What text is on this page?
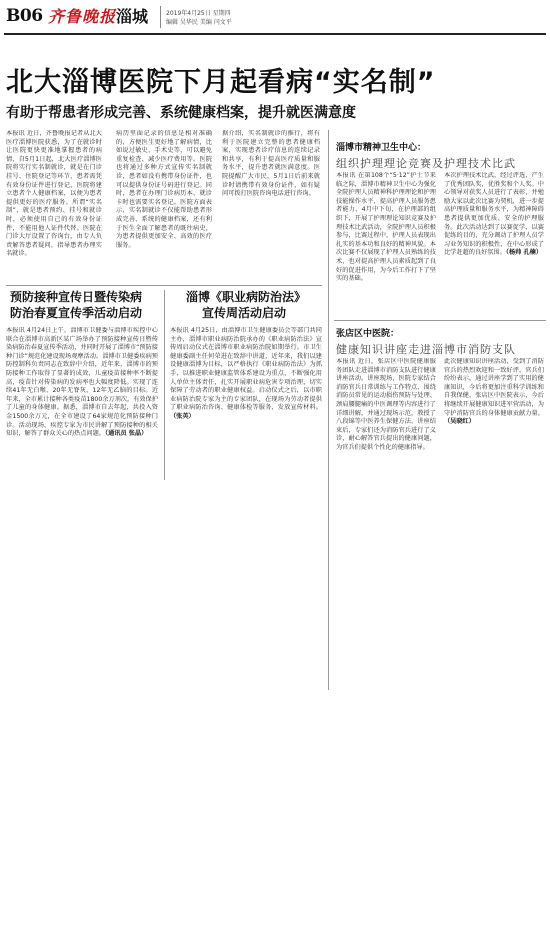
B06 齐鲁晚报 淄城	2019年4月25日 星期四
编辑 吴华民 美编 闫文平
北大淄博医院下月起看病“实名制”
有助于帮患者形成完善、系统健康档案，提升就医满意度
本报讯 近日，齐鲁晚报记者从北大医疗淄博医院获悉，为了在就诊时让医院更快更准地掌握患者的病情，自5月1日起，北大医疗淄博医院将实行实名制就诊，就是在门诊挂号、住院登记等环节，患者需凭有效身份证件进行登记，医院将建立患者个人健康档案，以便为患者提供更好的医疗服务。所谓“实名制”，就是患者预约、挂号和就诊时，必须使用自己的有效身份证件，不能用他人证件代替。医院在门诊大厅设置了咨询台，由专人负责解答患者疑问，指导患者办理实名就诊。
病历里面记录的信息是相对准确的，方便医生更好地了解病情，比如说过敏史、手术史等，可以避免重复检查、减少医疗费用等。医院也将通过多种方式宣传实名制就诊，患者如没有携带身份证件，也可以提供身份证号码进行登记。同时，患者在办理门诊病历本、就诊卡时也需要实名登记。医院方面表示，实名制就诊不仅能帮助患者形成完善、系统的健康档案，还有利于医生全面了解患者的既往病史，为患者提供更加安全、高效的医疗服务。
据介绍，实名制就诊的推行，将有利于医院建立完整的患者健康档案，实现患者诊疗信息的连续记录和共享，有利于提高医疗质量和服务水平，提升患者就医满意度。医院提醒广大市民，5月1日后前来就诊时请携带有效身份证件，如有疑问可拨打医院咨询电话进行咨询。
预防接种宣传日暨传染病
防治春夏宣传季活动启动
本报讯 4月24日上午，淄博市卫健委与淄博市疾控中心联合在淄博市高新区某广场举办了预防接种宣传日暨传染病防治春夏宣传季活动，并同时开展了淄博市“预防接种门诊”规范化建设现场观摩活动。淄博市卫健委疾病预防控制科负责同志在致辞中介绍，近年来，淄博市的预防接种工作取得了显著的成效，儿童疫苗接种率不断提高，疫苗针对传染病的发病率也大幅度降低。实现了连续41年无白喉、20年无脊灰，12年无乙脑的目标。近年来，全市累计接种各类疫苗1800余万剂次，有效保护了儿童的身体健康。据悉，淄博市自去年起，共投入资金1500余万元，在全市建设了64家规范化预防接种门诊。活动现场，疾控专家为市民讲解了预防接种的相关知识，解答了群众关心的热点问题。（通讯员 张晶）
淄博《职业病防治法》
宣传周活动启动
本报讯 4月25日，由淄博市卫生健康委员会等部门共同主办，淄博市职业病防治院承办的《职业病防治法》宣传周启动仪式在淄博市职业病防治院如期举行。市卫生健康委副主任何荣进在致辞中讲道，近年来，我们以建设健康淄博为目标，以严格执行《职业病防治法》为抓手，以推进职业健康监管体系建设为重点，不断强化用人单位主体责任，扎实开展职业病危害专项治理，切实保障了劳动者的职业健康权益。启动仪式之后，以市职业病防治院专家为主的专家团队，在现场为劳动者提供了职业病防治咨询、健康体检等服务，发放宣传材料。（张英）
淄博市精神卫生中心：
组织护理理论竞赛及护理技术比武
本报讯 在第108个“5·12”护士节来临之际，淄博市精神卫生中心为强化全院护理人员精神科护理理论和护理技能操作水平，提高护理人员服务患者能力，4月中下旬，在护理部的组织下，开展了护理理论知识竞赛及护理技术比武活动，全院护理人员积极参与，比赛过程中，护理人员表现出扎实的基本功和良好的精神风貌。本次比赛不仅展现了护理人员熟练的技术，也对提高护理人员素质起到了良好的促进作用，为今后工作打下了坚实的基础。
本次护理技术比武，经过评选，产生了优秀团队奖，优胜奖和个人奖。中心领导对获奖人员进行了表彰，并勉励大家以此次比赛为契机，进一步提高护理质量和服务水平，为精神障碍患者提供更加优质、安全的护理服务。此次活动达到了以赛促学、以赛促练的目的，充分调动了护理人员学习业务知识的积极性，在中心形成了比学赶超的良好氛围。（杨帅 孔楠）
张店区中医院：
健康知识讲座走进淄博市消防支队
本报讯 近日，张店区中医院健康服务团队走进淄博市消防支队进行健康讲座活动。讲座现场，医院专家结合消防官兵日常训练与工作特点，围绕消防员常见的运动损伤预防与处理、颈肩腰腿痛的中医调理等内容进行了详细讲解，并通过现场示范，教授了八段锦等中医养生保健方法。讲座结束后，专家们还为消防官兵进行了义诊，耐心解答官兵提出的健康问题，为官兵们提供个性化的健康指导。
此次健康知识讲座活动，受到了消防官兵的热烈欢迎和一致好评。官兵们纷纷表示，通过讲座学到了实用的健康知识，今后将更加注重科学训练和自我保健。张店区中医院表示，今后将继续开展健康知识进军营活动，为守护消防官兵的身体健康贡献力量。（吴晓红）
